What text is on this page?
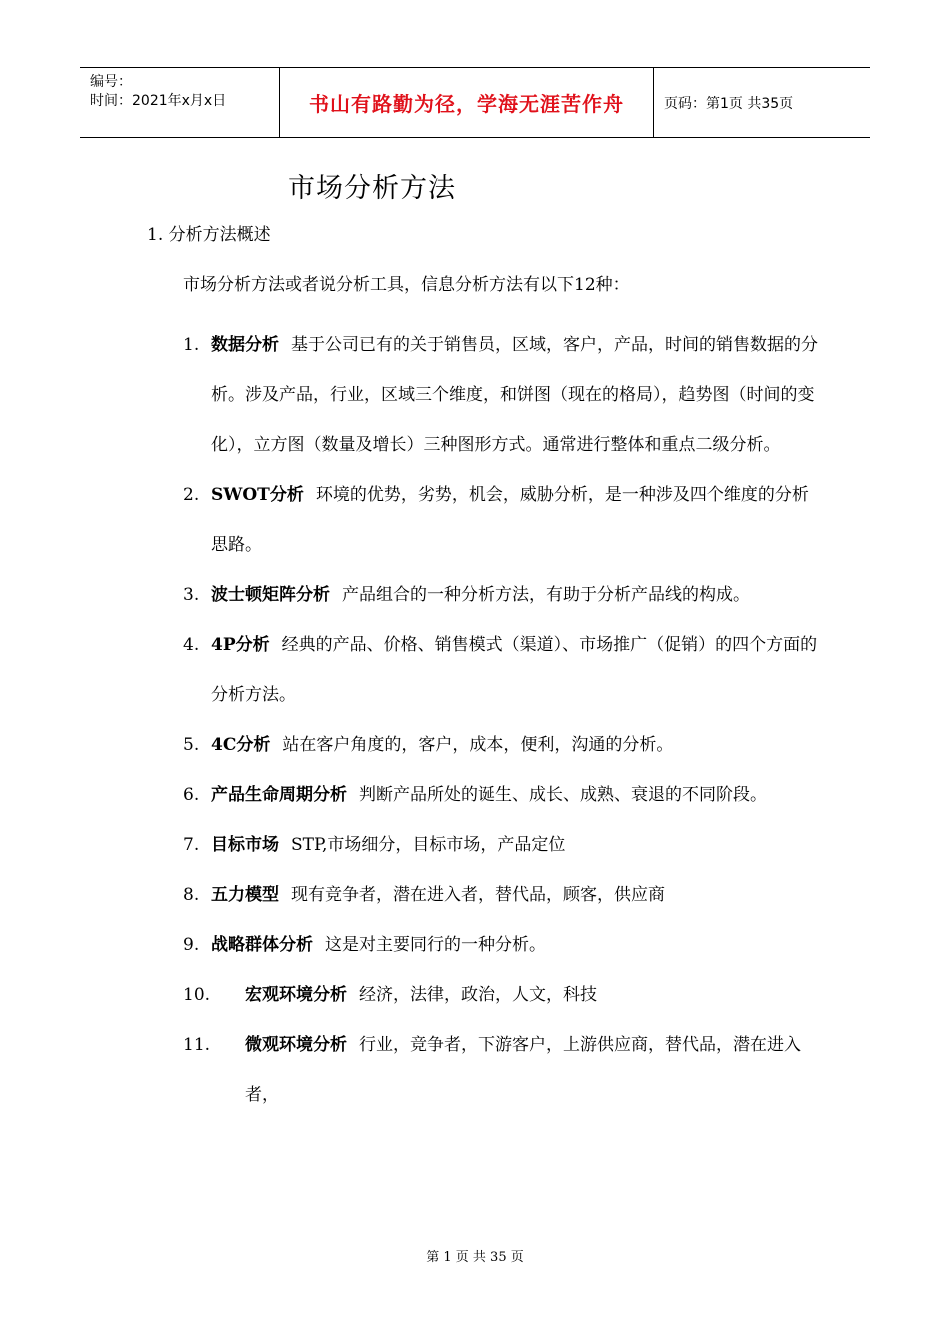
编号：
时间：2021年x月x日	书山有路勤为径，学海无涯苦作舟	页码：第1页 共35页
市场分析方法
1. 分析方法概述
市场分析方法或者说分析工具，信息分析方法有以下12种：
1. 数据分析 基于公司已有的关于销售员，区域，客户，产品，时间的销售数据的分析。涉及产品，行业，区域三个维度，和饼图（现在的格局），趋势图（时间的变化），立方图（数量及增长）三种图形方式。通常进行整体和重点二级分析。
2. SWOT分析 环境的优势，劣势，机会，威胁分析，是一种涉及四个维度的分析思路。
3. 波士顿矩阵分析 产品组合的一种分析方法，有助于分析产品线的构成。
4. 4P分析 经典的产品、价格、销售模式（渠道）、市场推广（促销）的四个方面的分析方法。
5. 4C分析 站在客户角度的，客户，成本，便利，沟通的分析。
6. 产品生命周期分析 判断产品所处的诞生、成长、成熟、衰退的不同阶段。
7. 目标市场 STP,市场细分，目标市场，产品定位
8. 五力模型 现有竞争者，潜在进入者，替代品，顾客，供应商
9. 战略群体分析 这是对主要同行的一种分析。
10.	宏观环境分析 经济，法律，政治，人文，科技
11.	微观环境分析 行业，竞争者，下游客户，上游供应商，替代品，潜在进入者，
第 1 页 共 35 页
